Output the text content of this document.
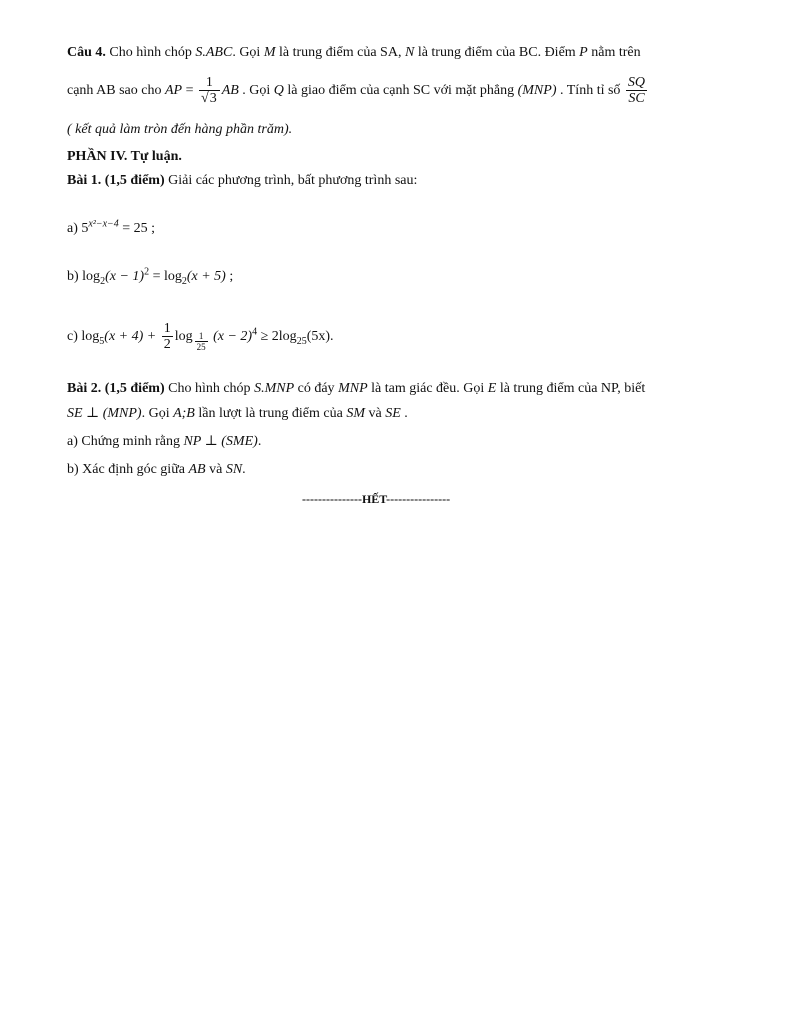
Câu 4. Cho hình chóp S.ABC. Gọi M là trung điểm của SA, N là trung điểm của BC. Điểm P nằm trên
cạnh AB sao cho AP = $\frac{1}{√3}$ AB . Gọi Q là giao điểm của cạnh SC với mặt phẳng (MNP) . Tính tỉ số $\frac{SQ}{SC}$
( kết quả làm tròn đến hàng phần trăm).
PHẦN IV. Tự luận.
Bài 1. (1,5 điểm) Giải các phương trình, bất phương trình sau:
a) $5^{x^2-x-4} = 25$ ;
b) $\log_2(x - 1)^2 = \log_2(x + 5)$ ;
c) $\log_5(x + 4) + \frac{1}{2}$ $\log \frac{1}{25} (x - 2)^4 \ge 2\log_{25}(5x)$.
Bài 2. (1,5 điểm) Cho hình chóp S.MNP có đáy MNP là tam giác đều. Gọi E là trung điểm của NP, biết
SE ⊥ (MNP). Gọi A;B lần lượt là trung điểm của SM và SE .
a) Chứng minh rằng NP ⊥ (SME).
b) Xác định góc giữa AB và SN.
---------------HẾT----------------
